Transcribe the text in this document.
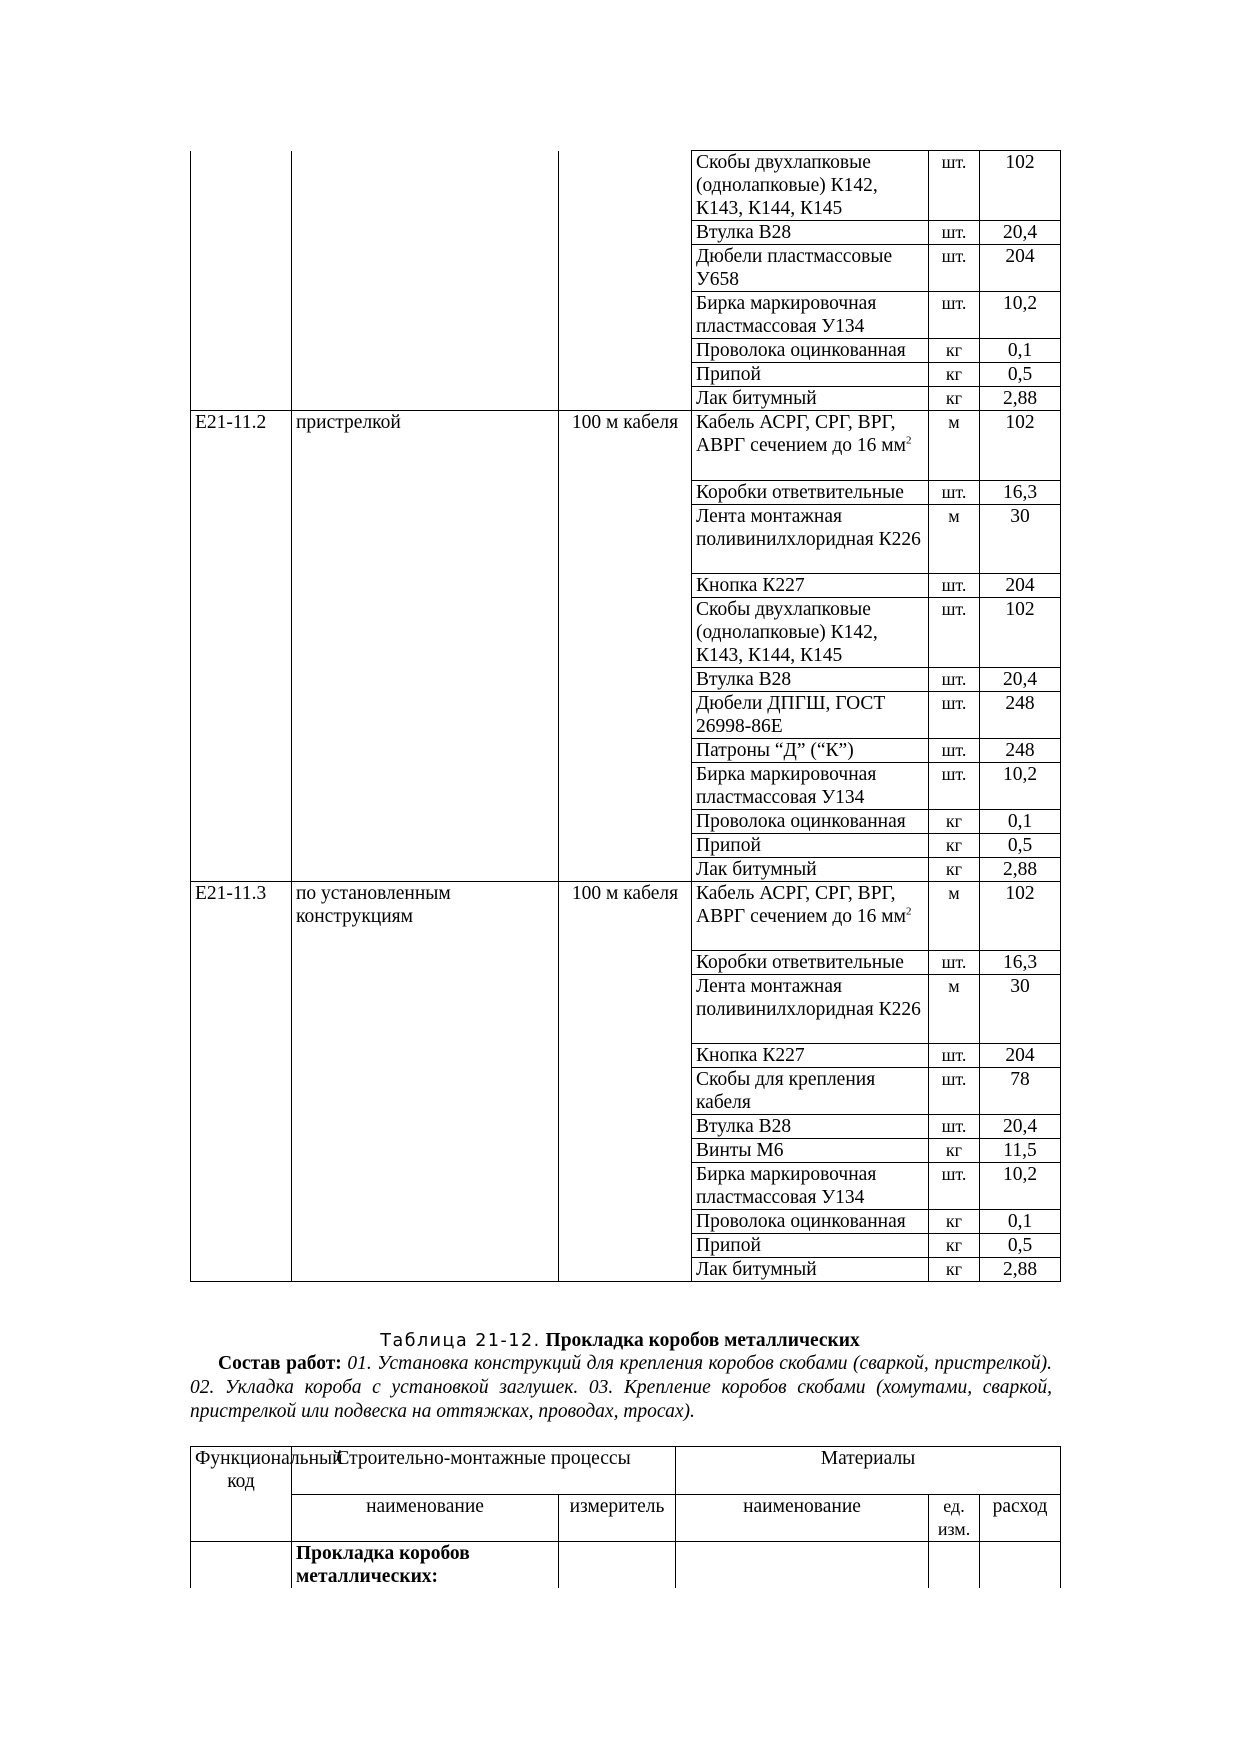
			Скобы двухлапковые (однолапковые) К142, К143, К144, К145	шт.	102
			Втулка В28	шт.	20,4
			Дюбели пластмассовые У658	шт.	204
			Бирка маркировочная пластмассовая У134	шт.	10,2
			Проволока оцинкованная	кг	0,1
			Припой	кг	0,5
			Лак битумный	кг	2,88
Е21-11.2	пристрелкой	100 м кабеля	Кабель АСРГ, СРГ, ВРГ, АВРГ сечением до 16 $мм^2$	м	102
			Коробки ответвительные	шт.	16,3
			Лента монтажная поливинилхлоридная К226	м	30
			Кнопка К227	шт.	204
			Скобы двухлапковые (однолапковые) К142, К143, К144, К145	шт.	102
			Втулка В28	шт.	20,4
			Дюбели ДПГШ, ГОСТ 26998-86Е	шт.	248
			Патроны “Д” (“К”)	шт.	248
			Бирка маркировочная пластмассовая У134	шт.	10,2
			Проволока оцинкованная	кг	0,1
			Припой	кг	0,5
			Лак битумный	кг	2,88
Е21-11.3	по установленным конструкциям	100 м кабеля	Кабель АСРГ, СРГ, ВРГ, АВРГ сечением до 16 $мм^2$	м	102
			Коробки ответвительные	шт.	16,3
			Лента монтажная поливинилхлоридная К226	м	30
			Кнопка К227	шт.	204
			Скобы для крепления кабеля	шт.	78
			Втулка В28	шт.	20,4
			Винты М6	кг	11,5
			Бирка маркировочная пластмассовая У134	шт.	10,2
			Проволока оцинкованная	кг	0,1
			Припой	кг	0,5
			Лак битумный	кг	2,88
Таблица 21-12. Прокладка коробов металлических
Состав работ: 01. Установка конструкций для крепления коробов скобами (сваркой, пристрелкой). 02. Укладка короба с установкой заглушек. 03. Крепление коробов скобами (хомутами, сваркой, пристрелкой или подвеска на оттяжках, проводах, тросах).
Функциональный код	Строительно-монтажные процессы		Материалы		
	наименование	измеритель	наименование	ед. изм.	расход
	Прокладка коробов металлических:				
